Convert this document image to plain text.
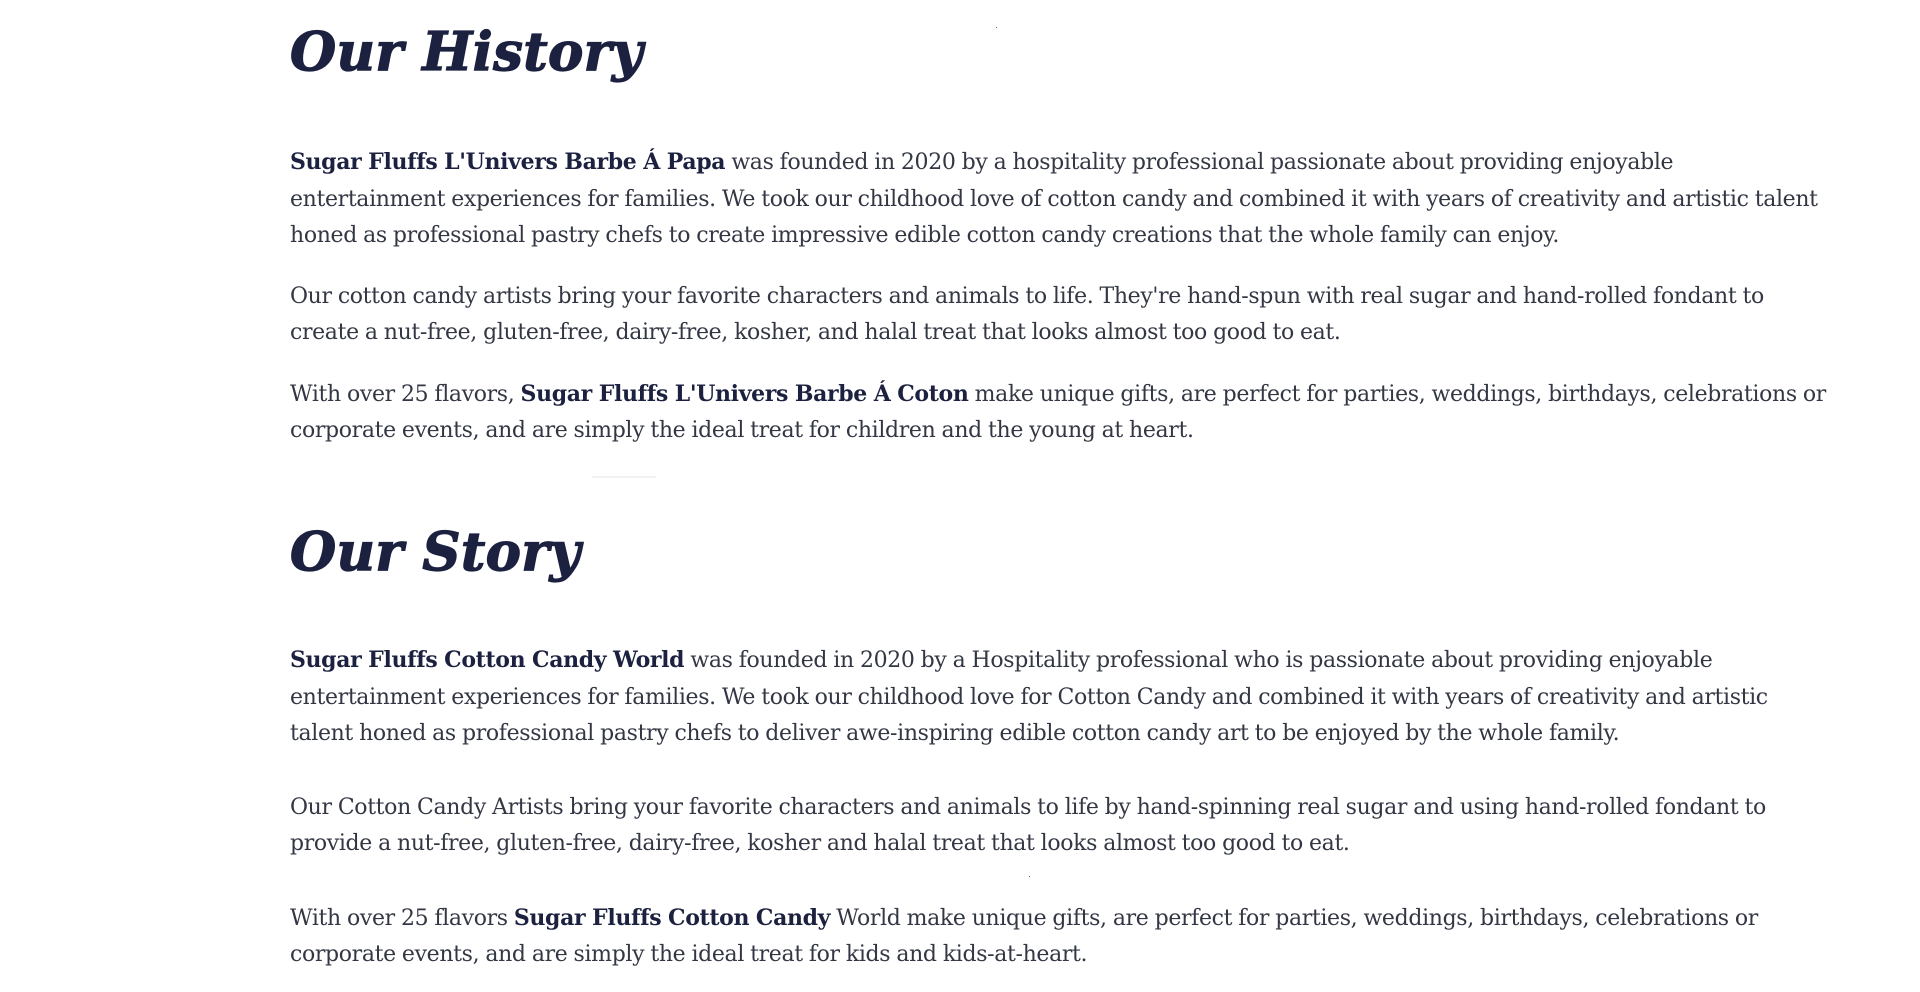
Our History

Sugar Fluffs L'Univers Barbe Á Papa was founded in 2020 by a hospitality professional passionate about providing enjoyable entertainment experiences for families. We took our childhood love of cotton candy and combined it with years of creativity and artistic talent honed as professional pastry chefs to create impressive edible cotton candy creations that the whole family can enjoy.

Our cotton candy artists bring your favorite characters and animals to life. They're hand-spun with real sugar and hand-rolled fondant to create a nut-free, gluten-free, dairy-free, kosher, and halal treat that looks almost too good to eat.

With over 25 flavors, Sugar Fluffs L'Univers Barbe Á Coton make unique gifts, are perfect for parties, weddings, birthdays, celebrations or corporate events, and are simply the ideal treat for children and the young at heart.

Our Story

Sugar Fluffs Cotton Candy World was founded in 2020 by a Hospitality professional who is passionate about providing enjoyable entertainment experiences for families. We took our childhood love for Cotton Candy and combined it with years of creativity and artistic talent honed as professional pastry chefs to deliver awe-inspiring edible cotton candy art to be enjoyed by the whole family.

Our Cotton Candy Artists bring your favorite characters and animals to life by hand-spinning real sugar and using hand-rolled fondant to provide a nut-free, gluten-free, dairy-free, kosher and halal treat that looks almost too good to eat.

With over 25 flavors Sugar Fluffs Cotton Candy World make unique gifts, are perfect for parties, weddings, birthdays, celebrations or corporate events, and are simply the ideal treat for kids and kids-at-heart.
